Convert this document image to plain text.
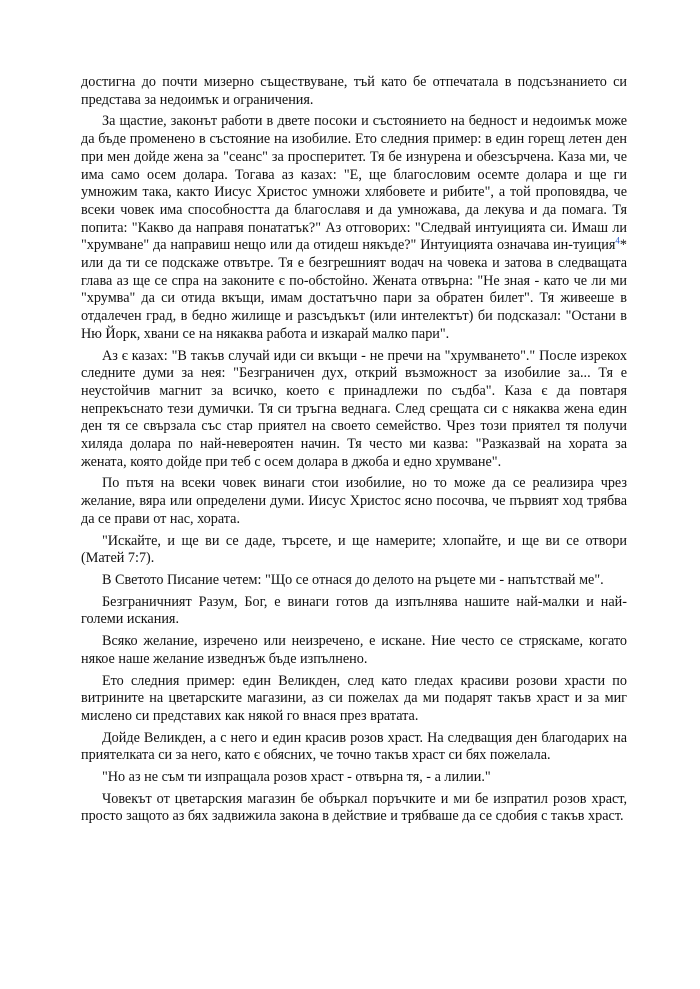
достигна до почти мизерно съществуване, тъй като бе отпечатала в подсъзнанието си представа за недоимък и ограничения.

За щастие, законът работи в двете посоки и състоянието на бедност и недоимък може да бъде променено в състояние на изобилие. Ето следния пример: в един горещ летен ден при мен дойде жена за "сеанс" за просперитет. Тя бе изнурена и обезсърчена. Каза ми, че има само осем долара. Тогава аз казах: "Е, ще благословим осемте долара и ще ги умножим така, както Иисус Христос умножи хлябовете и рибите", а той проповядва, че всеки човек има способността да благославя и да умножава, да лекува и да помага. Тя попита: "Какво да направя понататък?" Аз отговорих: "Следвай интуицията си. Имаш ли "хрумване" да направиш нещо или да отидеш някъде?" Интуицията означава ин-туиция$^4$* или да ти се подскаже отвътре. Тя е безгрешният водач на човека и затова в следващата глава аз ще се спра на законите є по-обстойно. Жената отвърна: "Не зная - като че ли ми "хрумва" да си отида вкъщи, имам достатъчно пари за обратен билет". Тя живееше в отдалечен град, в бедно жилище и разсъдъкът (или интелектът) би подсказал: "Остани в Ню Йорк, хвани се на някаква работа и изкарай малко пари".

Аз є казах: "В такъв случай иди си вкъщи - не пречи на "хрумването"." После изрекох следните думи за нея: "Безграничен дух, открий възможност за изобилие за... Тя е неустойчив магнит за всичко, което є принадлежи по съдба". Каза є да повтаря непрекъснато тези думички. Тя си тръгна веднага. След срещата си с някаква жена един ден тя се свързала със стар приятел на своето семейство. Чрез този приятел тя получи хиляда долара по най-невероятен начин. Тя често ми казва: "Разказвай на хората за жената, която дойде при теб с осем долара в джоба и едно хрумване".

По пътя на всеки човек винаги стои изобилие, но то може да се реализира чрез желание, вяра или определени думи. Иисус Христос ясно посочва, че първият ход трябва да се прави от нас, хората.

"Искайте, и ще ви се даде, търсете, и ще намерите; хлопайте, и ще ви се отвори (Матей 7:7).

В Светото Писание четем: "Що се отнася до делото на ръцете ми - напътствай ме".

Безграничният Разум, Бог, е винаги готов да изпълнява нашите най-малки и най-големи искания.

Всяко желание, изречено или неизречено, е искане. Ние често се стряскаме, когато някое наше желание изведнъж бъде изпълнено.

Ето следния пример: един Великден, след като гледах красиви розови храсти по витрините на цветарските магазини, аз си пожелах да ми подарят такъв храст и за миг мислено си представих как някой го внася през вратата.

Дойде Великден, а с него и един красив розов храст. На следващия ден благодарих на приятелката си за него, като є обясних, че точно такъв храст си бях пожелала.

"Но аз не съм ти изпращала розов храст - отвърна тя, - а лилии."

Човекът от цветарския магазин бе объркал поръчките и ми бе изпратил розов храст, просто защото аз бях задвижила закона в действие и трябваше да се сдобия с такъв храст.
